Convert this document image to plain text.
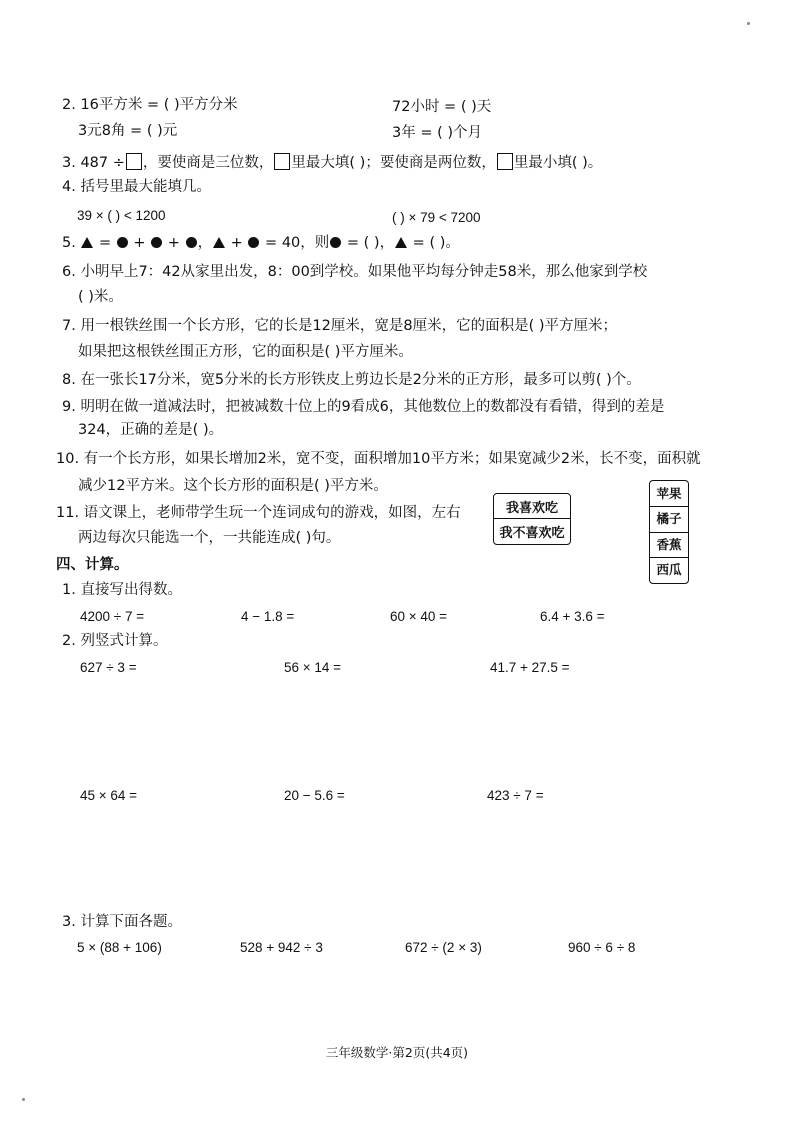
2. 16平方米 = ( )平方分米	72小时 = ( )天
3元8角 = ( )元	3年 = ( )个月
3. 487 ÷ ，要使商是三位数， 里最大填( )；要使商是两位数， 里最小填( )。
4. 括号里最大能填几。
39 × ( ) < 1200	( ) × 79 < 7200
5.  =  +  + ， +  = 40，则 = ( )， = ( )。
6. 小明早上7：42从家里出发，8：00到学校。如果他平均每分钟走58米，那么他家到学校
( )米。
7. 用一根铁丝围一个长方形，它的长是12厘米，宽是8厘米，它的面积是( )平方厘米；
如果把这根铁丝围正方形，它的面积是( )平方厘米。
8. 在一张长17分米，宽5分米的长方形铁皮上剪边长是2分米的正方形，最多可以剪( )个。
9. 明明在做一道减法时，把被减数十位上的9看成6，其他数位上的数都没有看错，得到的差是
324，正确的差是( )。
10. 有一个长方形，如果长增加2米，宽不变，面积增加10平方米；如果宽减少2米，长不变，面积就
减少12平方米。这个长方形的面积是( )平方米。
11. 语文课上，老师带学生玩一个连词成句的游戏，如图，左右
两边每次只能选一个，一共能连成( )句。
我喜欢吃
我不喜欢吃
苹果
橘子
香蕉
西瓜
四、计算。
1. 直接写出得数。
4200 ÷ 7 =	4 − 1.8 =	60 × 40 =	6.4 + 3.6 =
2. 列竖式计算。
627 ÷ 3 =	56 × 14 =	41.7 + 27.5 =
45 × 64 =	20 − 5.6 =	423 ÷ 7 =
3. 计算下面各题。
5 × (88 + 106)	528 + 942 ÷ 3	672 ÷ (2 × 3)	960 ÷ 6 ÷ 8
三年级数学·第2页(共4页)
